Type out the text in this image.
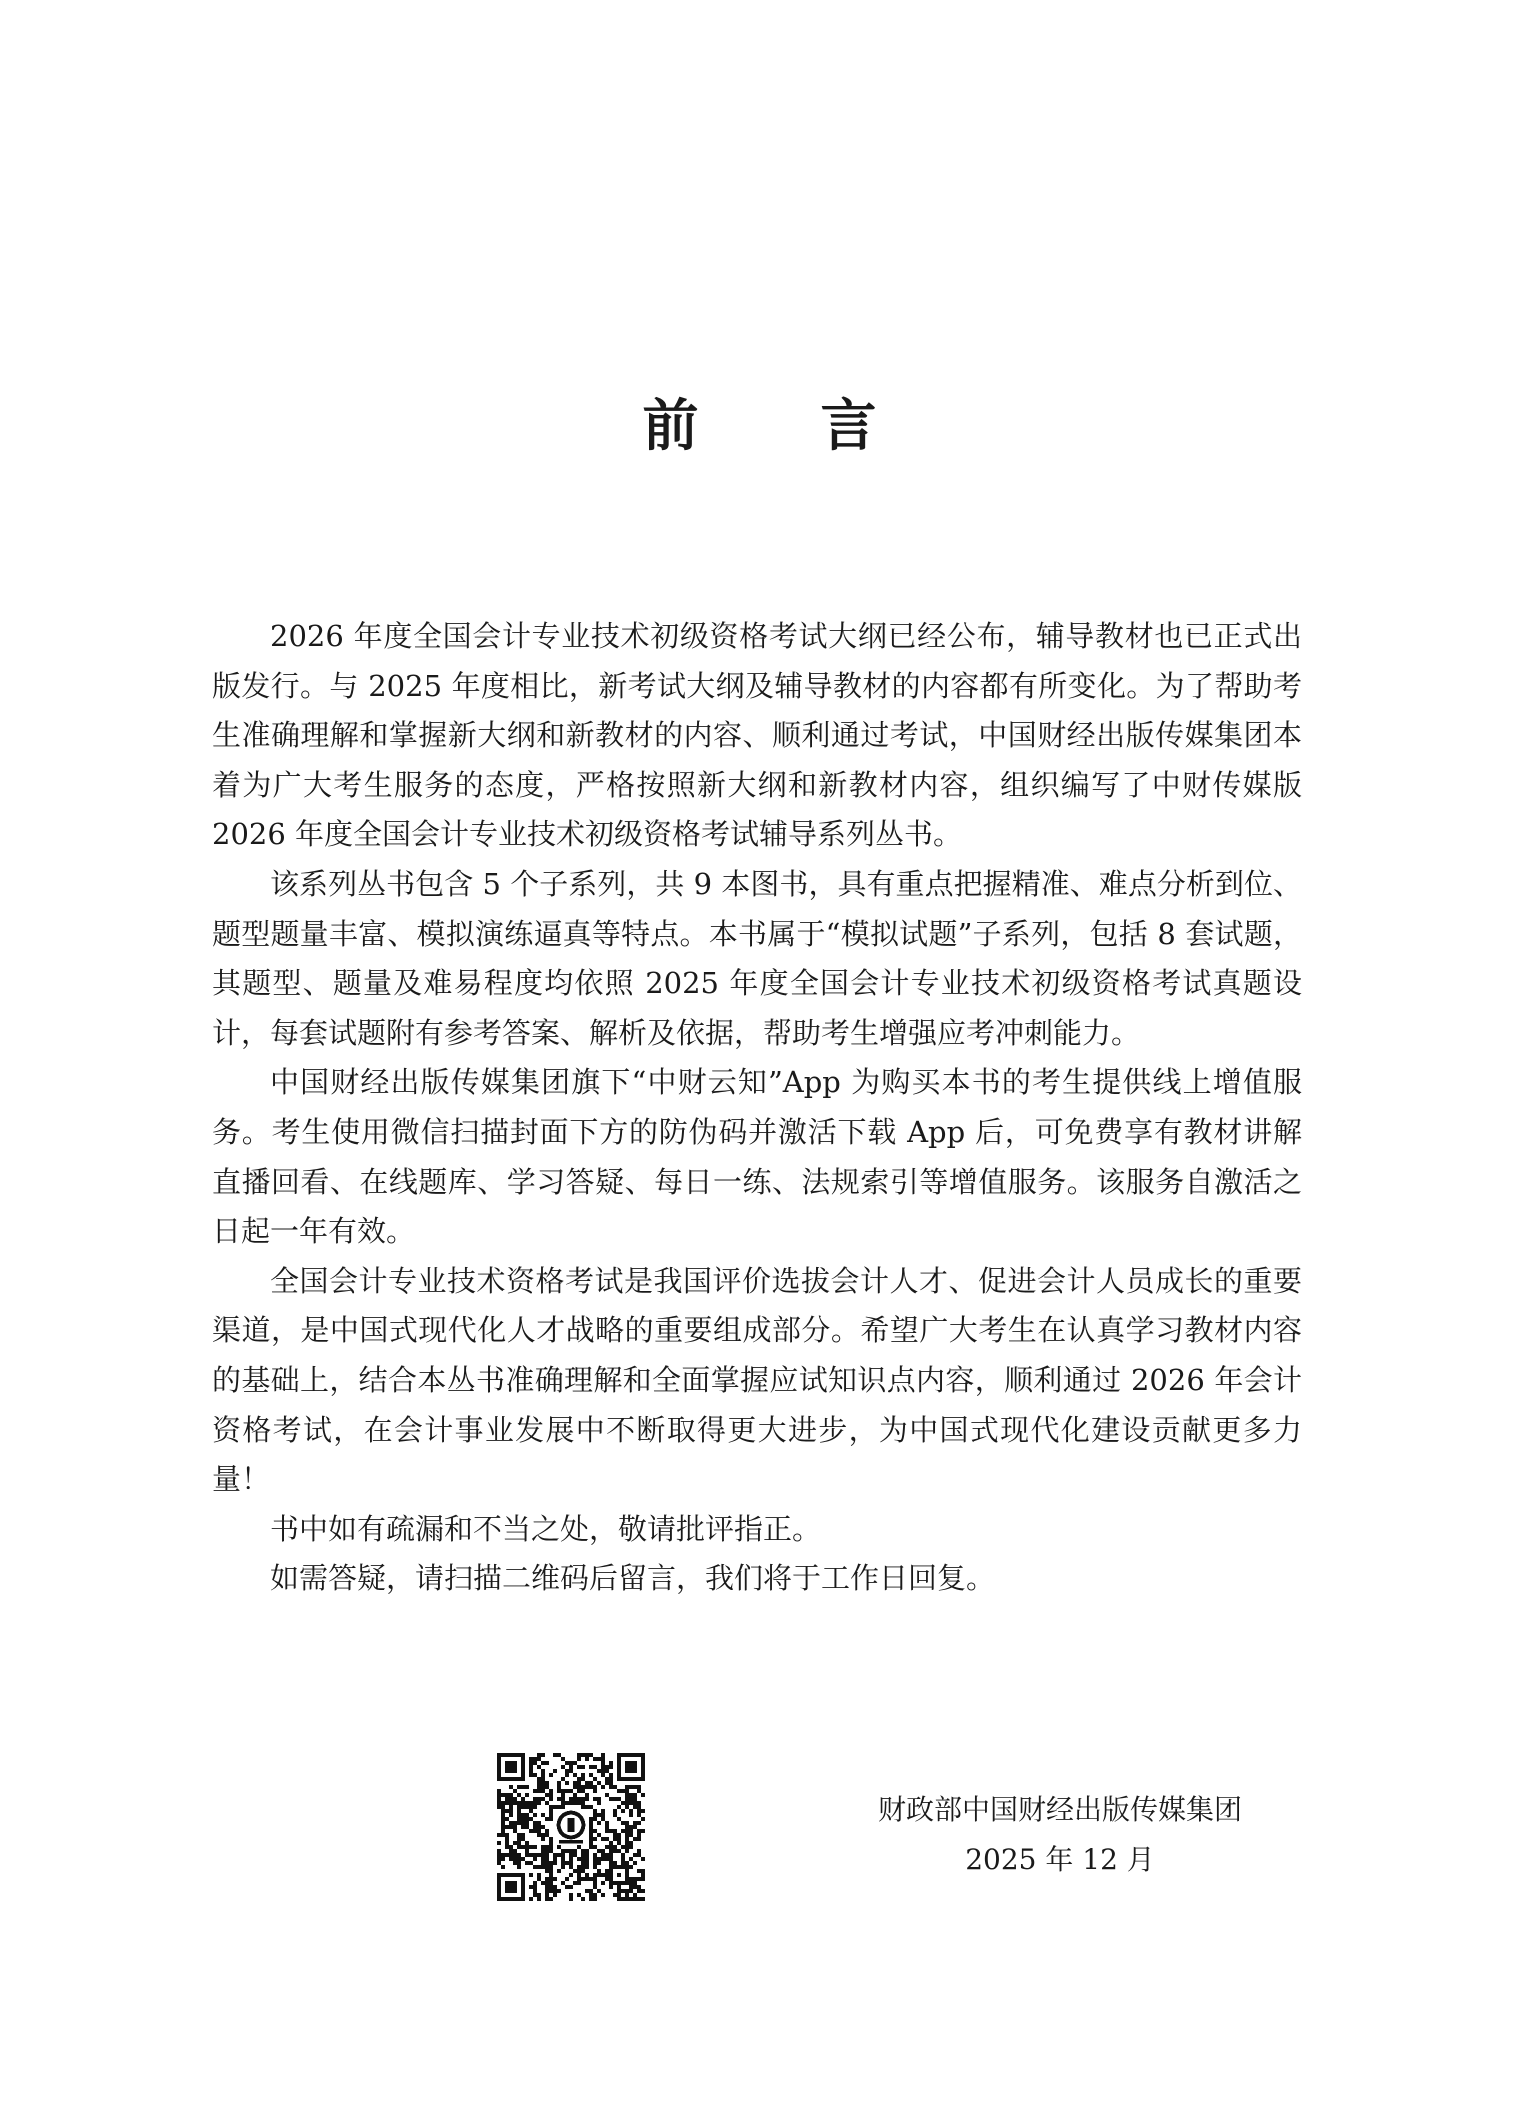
前 言

2026 年度全国会计专业技术初级资格考试大纲已经公布，辅导教材也已正式出版发行。与 2025 年度相比，新考试大纲及辅导教材的内容都有所变化。为了帮助考生准确理解和掌握新大纲和新教材的内容、顺利通过考试，中国财经出版传媒集团本着为广大考生服务的态度，严格按照新大纲和新教材内容，组织编写了中财传媒版 2026 年度全国会计专业技术初级资格考试辅导系列丛书。

该系列丛书包含 5 个子系列，共 9 本图书，具有重点把握精准、难点分析到位、题型题量丰富、模拟演练逼真等特点。本书属于“模拟试题”子系列，包括 8 套试题，其题型、题量及难易程度均依照 2025 年度全国会计专业技术初级资格考试真题设计，每套试题附有参考答案、解析及依据，帮助考生增强应考冲刺能力。

中国财经出版传媒集团旗下“中财云知”App 为购买本书的考生提供线上增值服务。考生使用微信扫描封面下方的防伪码并激活下载 App 后，可免费享有教材讲解直播回看、在线题库、学习答疑、每日一练、法规索引等增值服务。该服务自激活之日起一年有效。

全国会计专业技术资格考试是我国评价选拔会计人才、促进会计人员成长的重要渠道，是中国式现代化人才战略的重要组成部分。希望广大考生在认真学习教材内容的基础上，结合本丛书准确理解和全面掌握应试知识点内容，顺利通过 2026 年会计资格考试，在会计事业发展中不断取得更大进步，为中国式现代化建设贡献更多力量！

书中如有疏漏和不当之处，敬请批评指正。

如需答疑，请扫描二维码后留言，我们将于工作日回复。

财政部中国财经出版传媒集团
2025 年 12 月
